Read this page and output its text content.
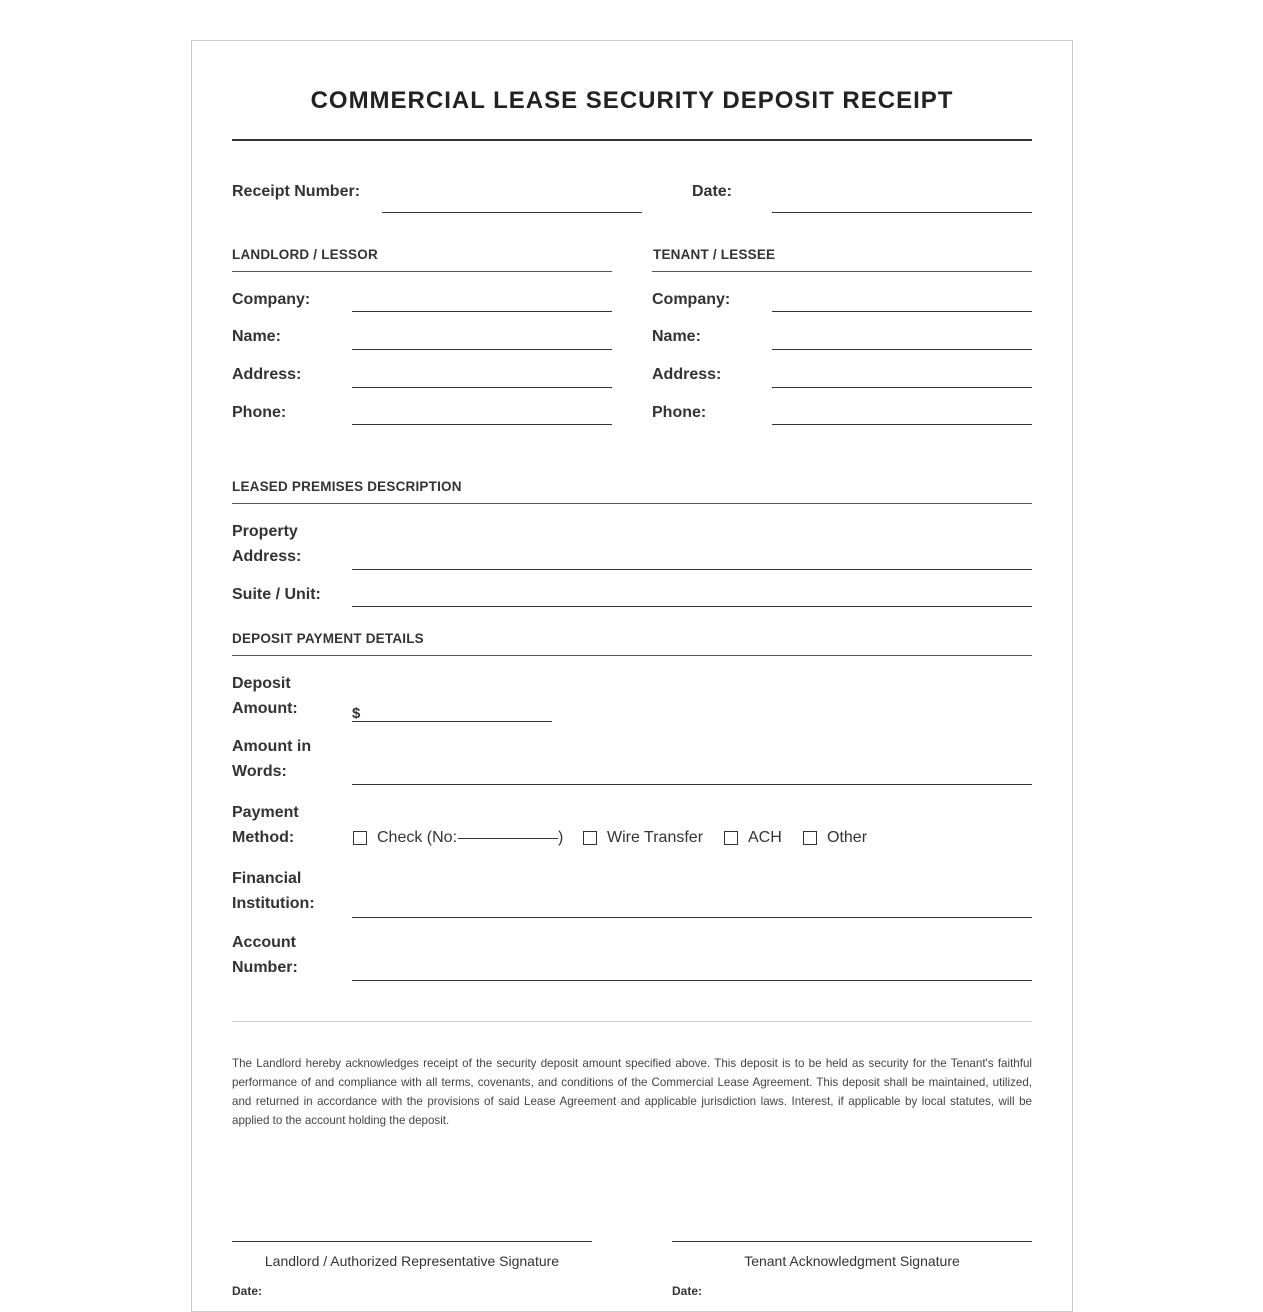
COMMERCIAL LEASE SECURITY DEPOSIT RECEIPT
Receipt Number:	Date:
LANDLORD / LESSOR
Company:
Name:
Address:
Phone:
TENANT / LESSEE
Company:
Name:
Address:
Phone:
LEASED PREMISES DESCRIPTION
Property
Address:
Suite / Unit:
DEPOSIT PAYMENT DETAILS
Deposit
Amount:	$
Amount in
Words:
Payment
Method:	Check (No:	)	Wire Transfer	ACH	Other
Financial
Institution:
Account
Number:
The Landlord hereby acknowledges receipt of the security deposit amount specified above. This deposit is to be held as security for the Tenant's faithful performance of and compliance with all terms, covenants, and conditions of the Commercial Lease Agreement. This deposit shall be maintained, utilized, and returned in accordance with the provisions of said Lease Agreement and applicable jurisdiction laws. Interest, if applicable by local statutes, will be applied to the account holding the deposit.
Landlord / Authorized Representative Signature
Date:
Tenant Acknowledgment Signature
Date:
